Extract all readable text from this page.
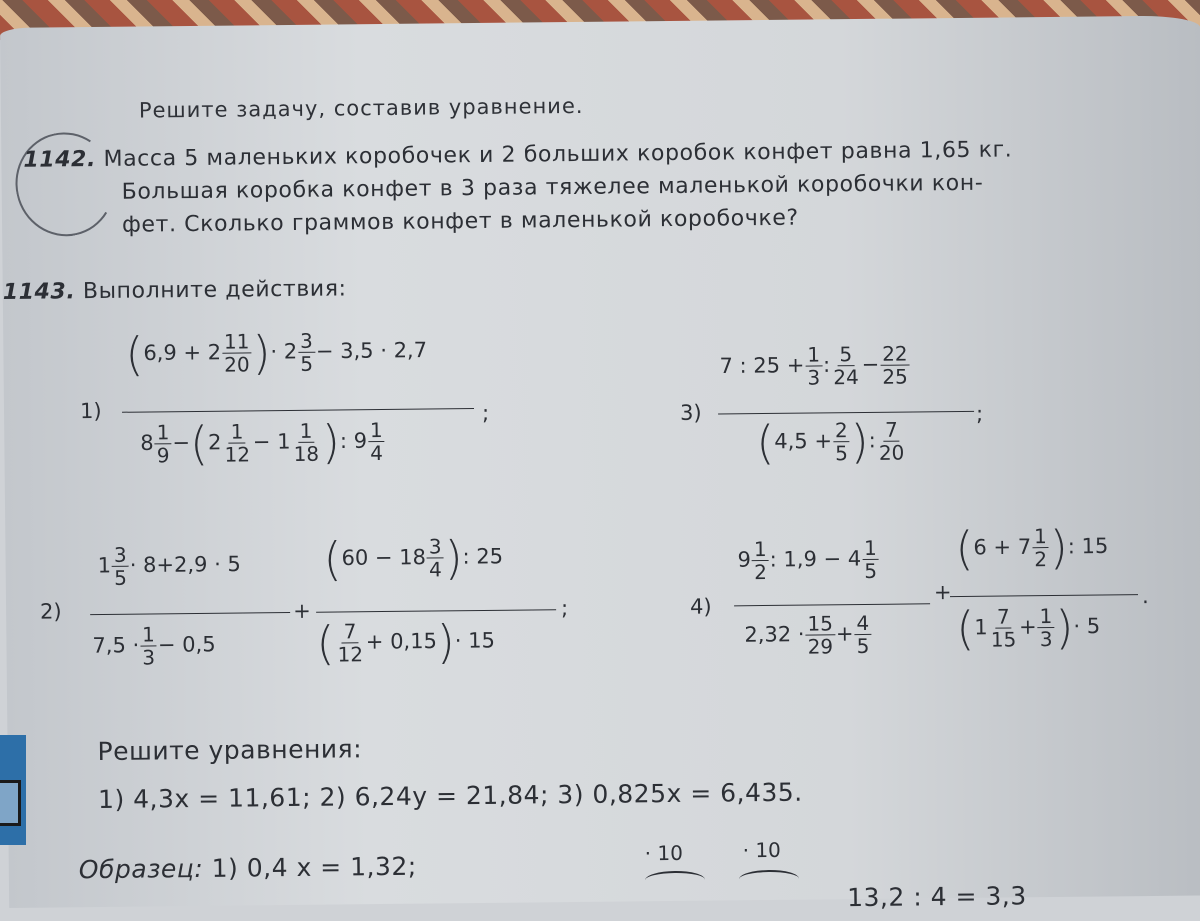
Решите задачу, составив уравнение.
1142. Масса 5 маленьких коробочек и 2 больших коробок конфет равна 1,65 кг.
Большая коробка конфет в 3 раза тяжелее маленькой коробочки кон-
фет. Сколько граммов конфет в маленькой коробочке?
1143. Выполните действия:
1)
($6,9 + 2 \frac{11}{20}$ )· $2 \frac{3}{5} - 3,5 \cdot 2,7$
$8 \frac{1}{9} -(2 \frac{1}{12} - 1 \frac{1}{18}$ ): $9 \frac{1}{4}$
;
2)
$1 \frac{3}{5} \cdot 8+2,9 \cdot 5$
$7,5 \cdot \frac{1}{3} - 0,5$
+
($60 - 18 \frac{3}{4}$ ): 25
( $\frac{7}{12} + 0,15)\cdot 15$
;
3)
7 : $25 + \frac{1}{3}$ : $\frac{5}{24} - \frac{22}{25}$
($4,5 + \frac{2}{5}$ ): $\frac{7}{20}$
;
4)
$9 \frac{1}{2}$ : $1,9 - 4 \frac{1}{5}$
$2,32 \cdot \frac{15}{29} + \frac{4}{5}$
+
($6 + 7 \frac{1}{2}$ ): 15
($1 \frac{7}{15} + \frac{1}{3}$ )· 5
.
Решите уравнения:
1) 4,3x = 11,61; 2) 6,24y = 21,84; 3) 0,825x = 6,435.
Образец: 1) 0,4 x = 1,32;	· 10	· 10
13,2 : 4 = 3,3
